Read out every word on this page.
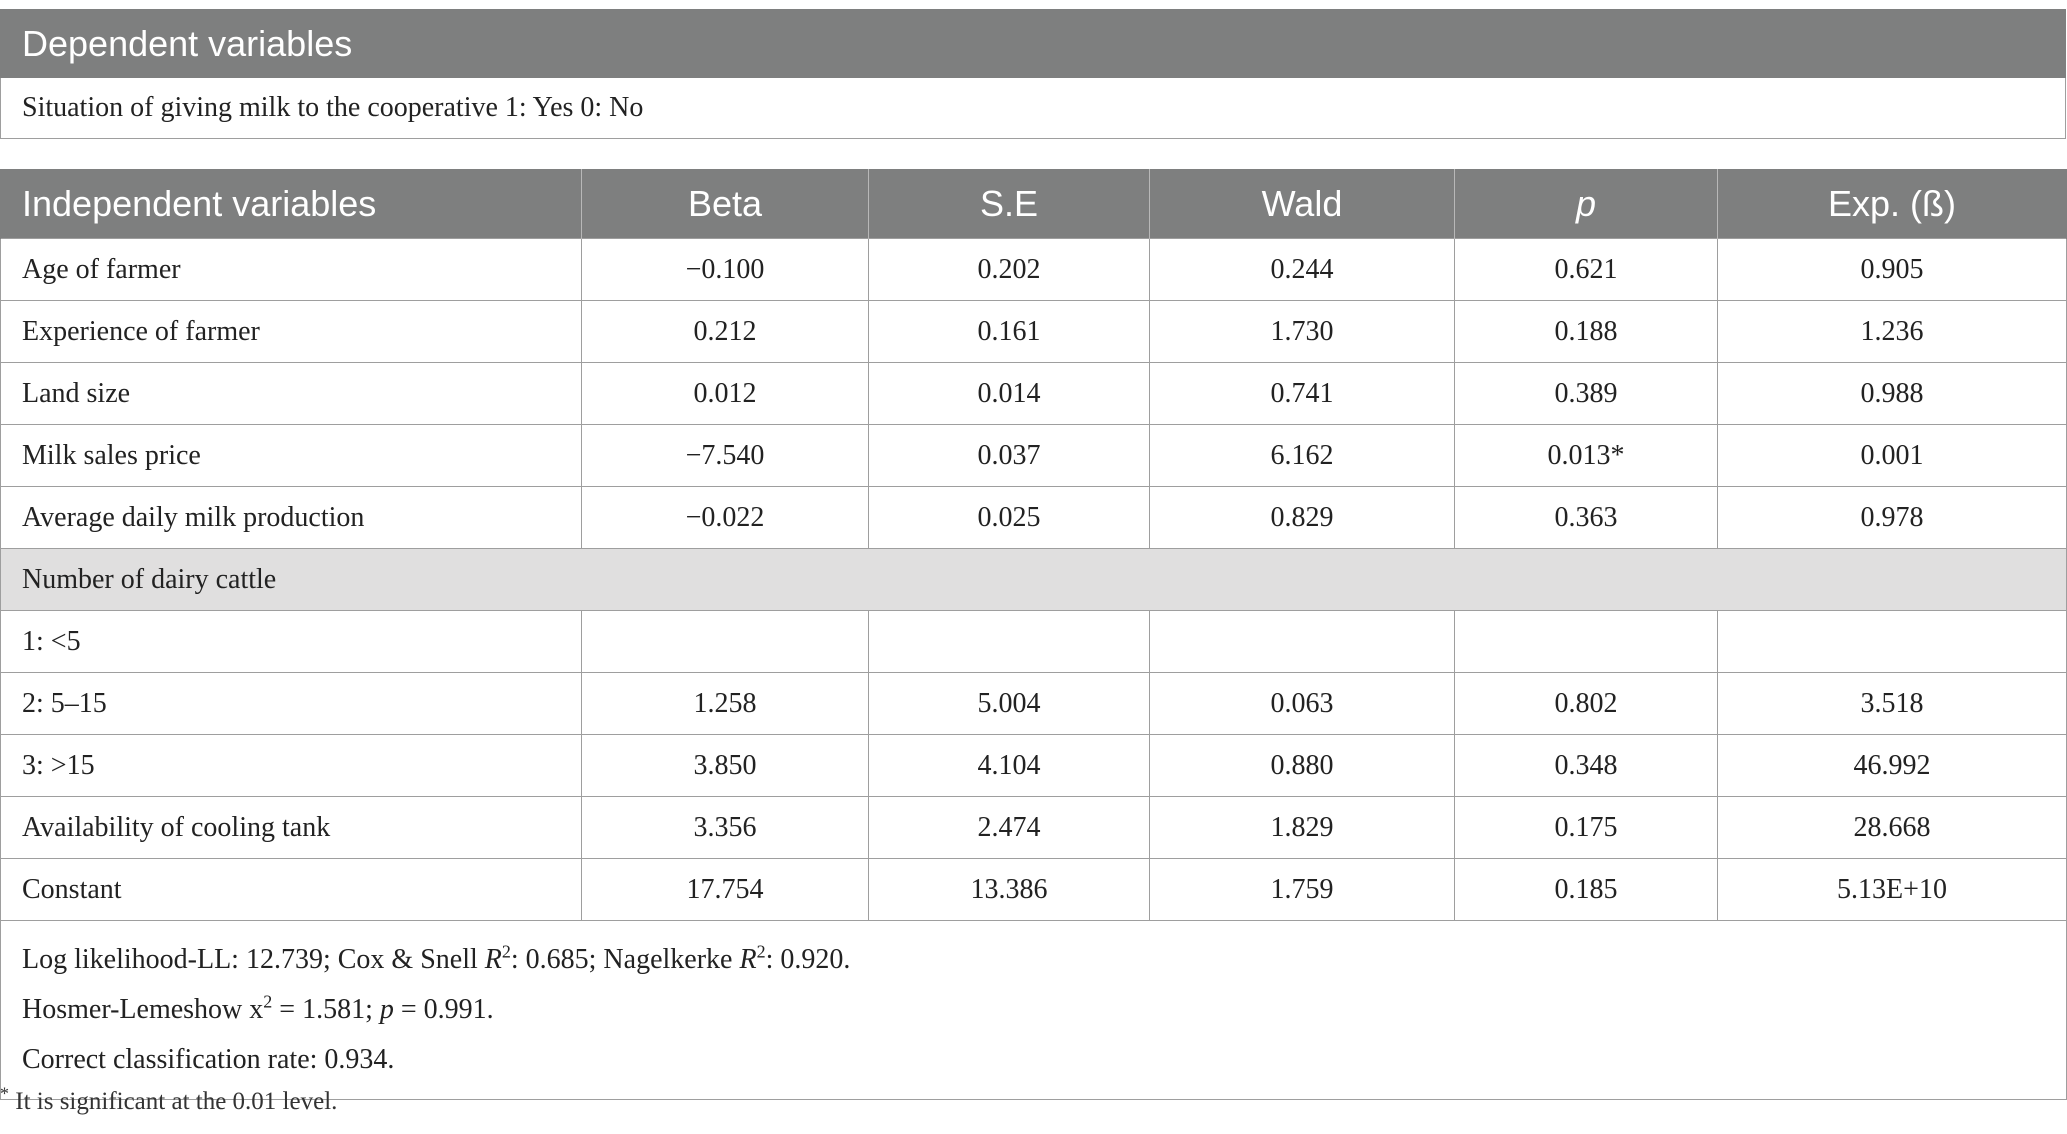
Dependent variables
Situation of giving milk to the cooperative 1: Yes 0: No
Independent variables	Beta	S.E	Wald	p	Exp. (ß)
Age of farmer	−0.100	0.202	0.244	0.621	0.905
Experience of farmer	0.212	0.161	1.730	0.188	1.236
Land size	0.012	0.014	0.741	0.389	0.988
Milk sales price	−7.540	0.037	6.162	0.013*	0.001
Average daily milk production	−0.022	0.025	0.829	0.363	0.978
Number of dairy cattle					
1: <5					
2: 5–15	1.258	5.004	0.063	0.802	3.518
3: >15	3.850	4.104	0.880	0.348	46.992
Availability of cooling tank	3.356	2.474	1.829	0.175	28.668
Constant	17.754	13.386	1.759	0.185	5.13E+10

Log likelihood-LL: 12.739; Cox & Snell $R^2$: 0.685; Nagelkerke $R^2$: 0.920.
Hosmer-Lemeshow $x^2 = 1.581$; p = 0.991.
Correct classification rate: 0.934.					
* It is significant at the 0.01 level.
